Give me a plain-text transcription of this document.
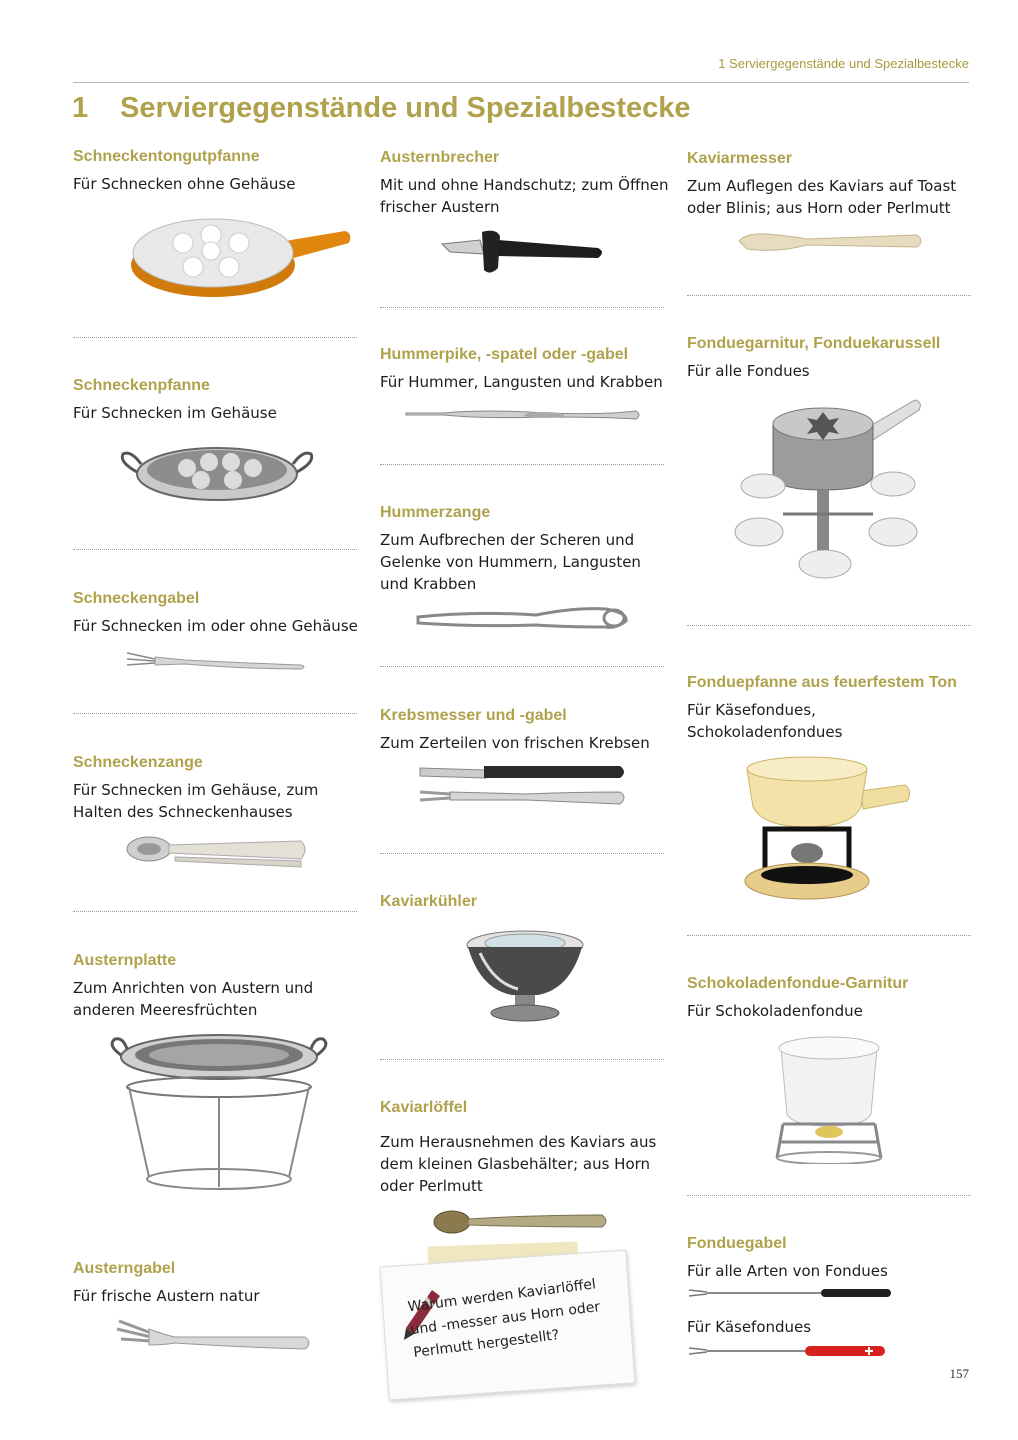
1 Serviergegenstände und Spezialbestecke
1 Serviergegenstände und Spezialbestecke
Schneckentongutpfanne

Für Schnecken ohne Gehäuse

Schneckenpfanne

Für Schnecken im Gehäuse

Schneckengabel

Für Schnecken im oder ohne Gehäuse

Schneckenzange

Für Schnecken im Gehäuse, zum Halten des Schneckenhauses

Austernplatte

Zum Anrichten von Austern und anderen Meeresfrüchten

Austerngabel

Für frische Austern natur

Austernbrecher

Mit und ohne Handschutz; zum Öffnen frischer Austern

Hummerpike, -spatel oder -gabel

Für Hummer, Langusten und Krabben

Hummerzange

Zum Aufbrechen der Scheren und Gelenke von Hummern, Langusten und Krabben

Krebsmesser und -gabel

Zum Zerteilen von frischen Krebsen

Kaviarkühler
Kaviarlöffel

Zum Herausnehmen des Kaviars aus dem kleinen Glasbehälter; aus Horn oder Perlmutt

Warum werden Kaviarlöffel und -messer aus Horn oder Perlmutt hergestellt?
Kaviarmesser

Zum Auflegen des Kaviars auf Toast oder Blinis; aus Horn oder Perlmutt

Fonduegarnitur, Fonduekarussell

Für alle Fondues

Fonduepfanne aus feuerfestem Ton

Für Käsefondues, Schokoladenfondues

Schokoladenfondue-Garnitur

Für Schokoladenfondue

Fonduegabel

Für alle Arten von Fondues

Für Käsefondues

157
